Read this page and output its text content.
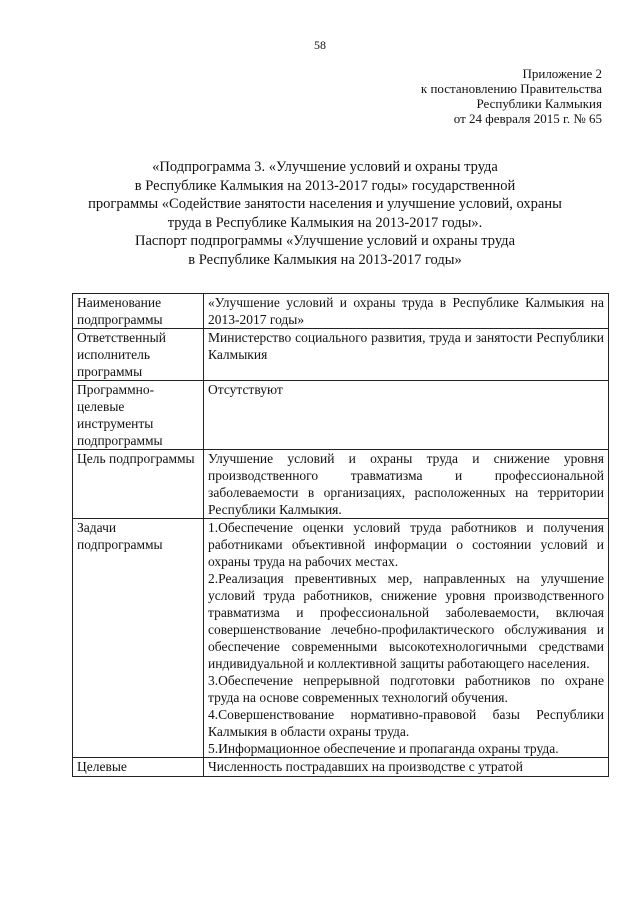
58
Приложение 2
к постановлению Правительства
Республики Калмыкия
от 24 февраля 2015 г. № 65
«Подпрограмма 3. «Улучшение условий и охраны труда
в Республике Калмыкия на 2013-2017 годы» государственной
программы «Содействие занятости населения и улучшение условий, охраны
труда в Республике Калмыкия на 2013-2017 годы».
Паспорт подпрограммы «Улучшение условий и охраны труда
в Республике Калмыкия на 2013-2017 годы»
Наименование подпрограммы	«Улучшение условий и охраны труда в Республике Калмыкия на 2013-2017 годы»
Ответственный исполнитель программы	Министерство социального развития, труда и занятости Республики Калмыкия
Программно-целевые инструменты подпрограммы	Отсутствуют
Цель подпрограммы	Улучшение условий и охраны труда и снижение уровня производственного травматизма и профессиональной заболеваемости в организациях, расположенных на территории Республики Калмыкия.
Задачи подпрограммы	1.Обеспечение оценки условий труда работников и получения работниками объективной информации о состоянии условий и охраны труда на рабочих местах.
2.Реализация превентивных мер, направленных на улучшение условий труда работников, снижение уровня производственного травматизма и профессиональной заболеваемости, включая совершенствование лечебно-профилактического обслуживания и обеспечение современными высокотехнологичными средствами индивидуальной и коллективной защиты работающего населения.
3.Обеспечение непрерывной подготовки работников по охране труда на основе современных технологий обучения.
4.Совершенствование нормативно-правовой базы Республики Калмыкия в области охраны труда.
5.Информационное обеспечение и пропаганда охраны труда.

Целевые	Численность пострадавших на производстве с утратой
